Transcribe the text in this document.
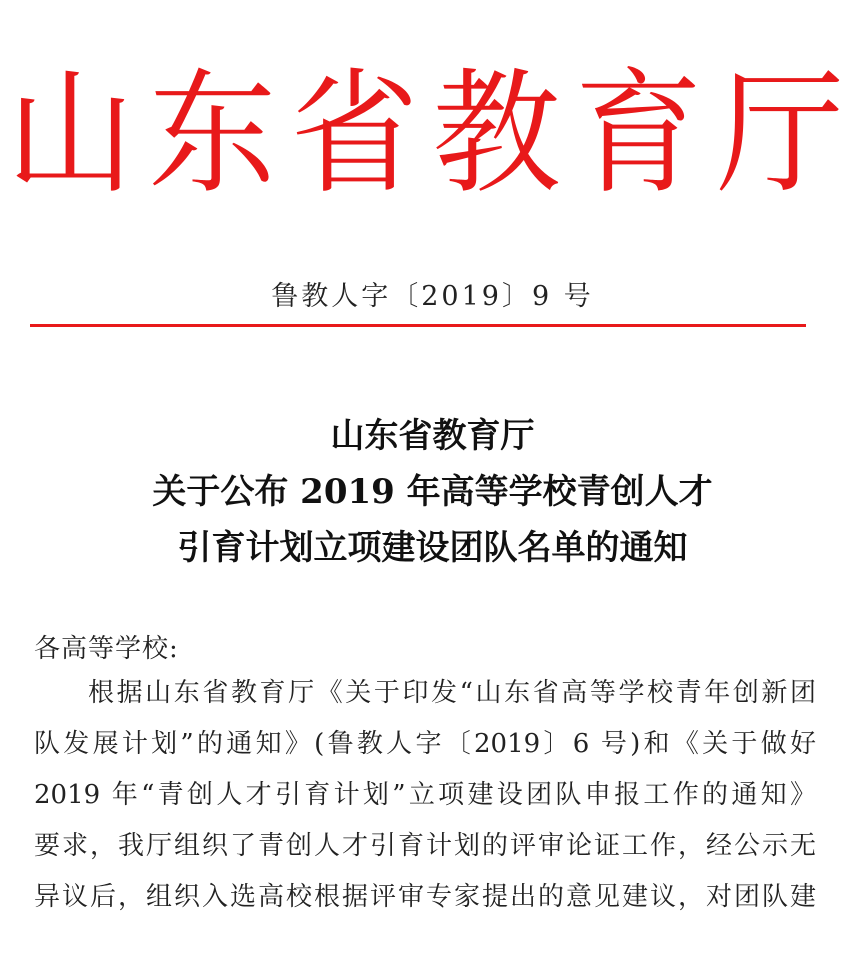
山东省教育厅
鲁教人字〔2019〕9 号
山东省教育厅
关于公布 2019 年高等学校青创人才
引育计划立项建设团队名单的通知
各高等学校:
根据山东省教育厅《关于印发“山东省高等学校青年创新团
队发展计划”的通知》(鲁教人字〔2019〕6 号)和《关于做好
2019 年“青创人才引育计划”立项建设团队申报工作的通知》
要求，我厅组织了青创人才引育计划的评审论证工作，经公示无
异议后，组织入选高校根据评审专家提出的意见建议，对团队建
